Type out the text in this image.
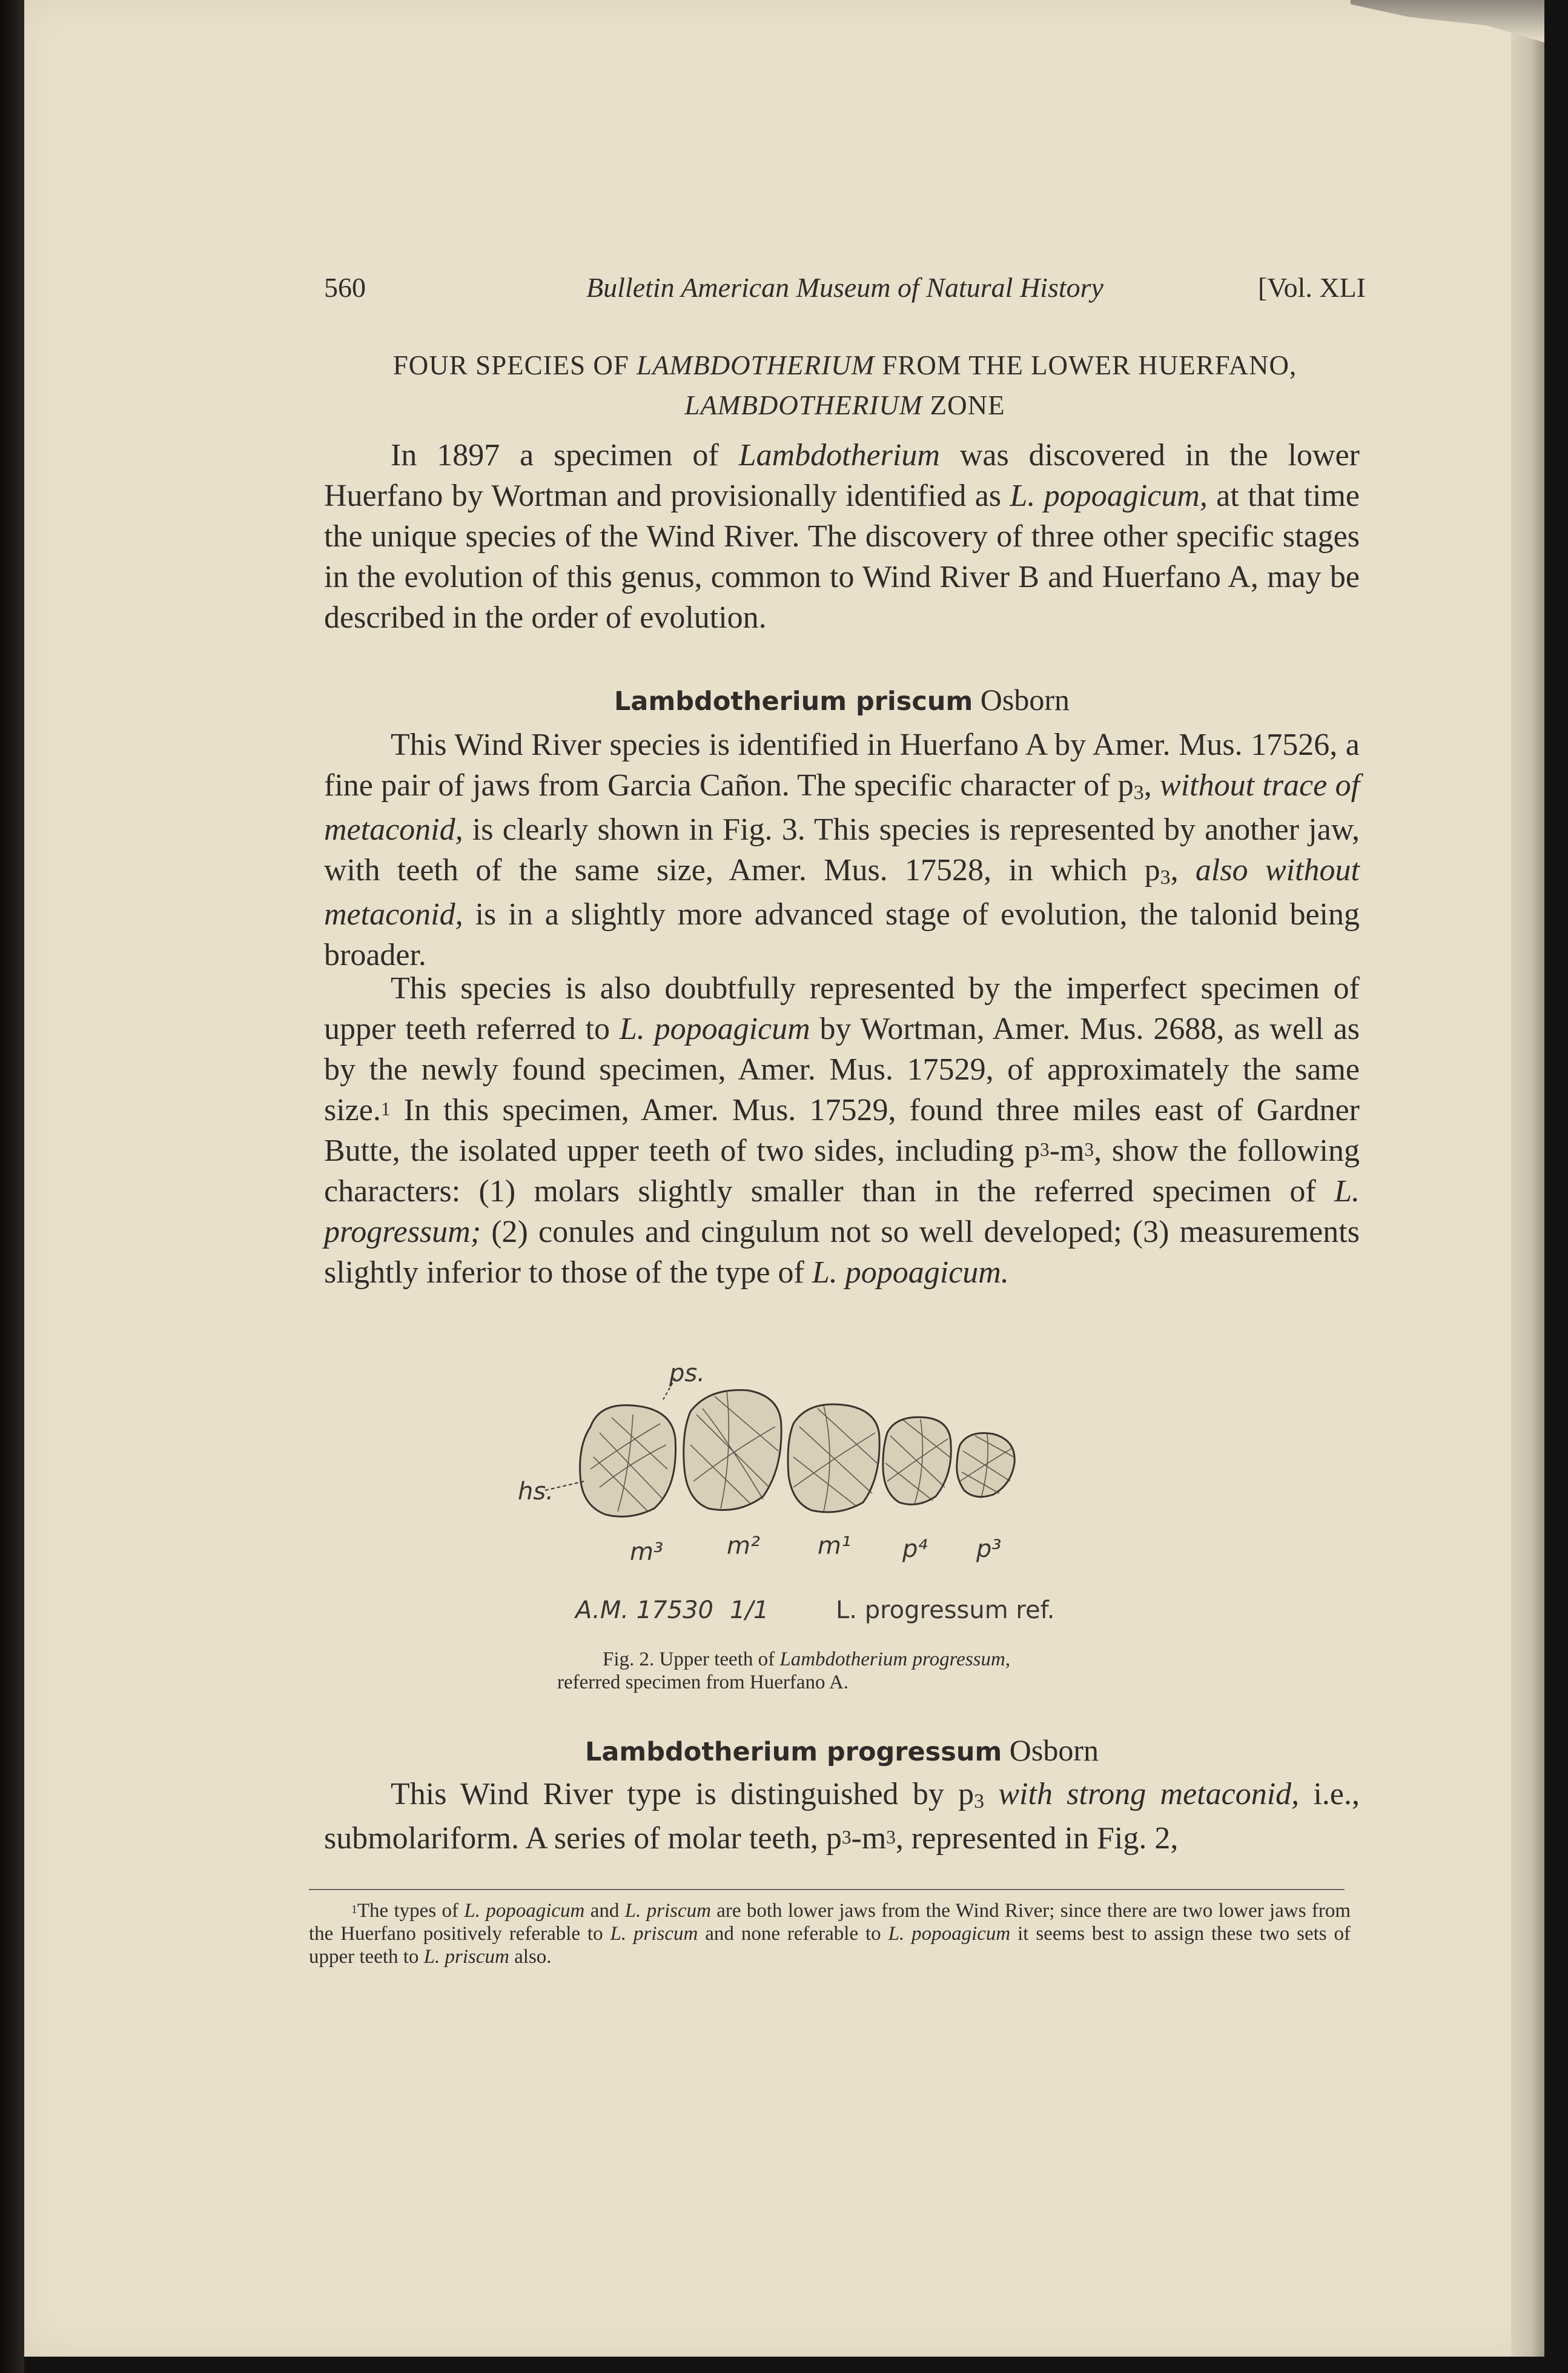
560	Bulletin American Museum of Natural History	[Vol. XLI
FOUR SPECIES OF LAMBDOTHERIUM FROM THE LOWER HUERFANO,
LAMBDOTHERIUM ZONE

In 1897 a specimen of Lambdotherium was discovered in the lower Huerfano by Wortman and provisionally identified as L. popoagicum, at that time the unique species of the Wind River. The discovery of three other specific stages in the evolution of this genus, common to Wind River B and Huerfano A, may be described in the order of evolution.

Lambdotherium priscum Osborn

This Wind River species is identified in Huerfano A by Amer. Mus. 17526, a fine pair of jaws from Garcia Cañon. The specific character of $p_3$, without trace of metaconid, is clearly shown in Fig. 3. This species is represented by another jaw, with teeth of the same size, Amer. Mus. 17528, in which $p_3$, also without metaconid, is in a slightly more advanced stage of evolution, the talonid being broader.

This species is also doubtfully represented by the imperfect specimen of upper teeth referred to L. popoagicum by Wortman, Amer. Mus. 2688, as well as by the newly found specimen, Amer. Mus. 17529, of approximately the same size.$^1$ In this specimen, Amer. Mus. 17529, found three miles east of Gardner Butte, the isolated upper teeth of two sides, including $p^3-m^3$, show the following characters: (1) molars slightly smaller than in the referred specimen of L. progressum; (2) conules and cingulum not so well developed; (3) measurements slightly inferior to those of the type of L. popoagicum.

ps.
hs.
m³	m² m¹ p⁴ p³
A.M. 17530 1/1	L. progressum ref.

Fig. 2. Upper teeth of Lambdotherium progressum,
referred specimen from Huerfano A.

Lambdotherium progressum Osborn

This Wind River type is distinguished by $p_3$ with strong metaconid, i.e., submolariform. A series of molar teeth, $p^3-m^3$, represented in Fig. 2,

$^1$The types of L. popoagicum and L. priscum are both lower jaws from the Wind River; since there are two lower jaws from the Huerfano positively referable to L. priscum and none referable to L. popoagicum it seems best to assign these two sets of upper teeth to L. priscum also.
